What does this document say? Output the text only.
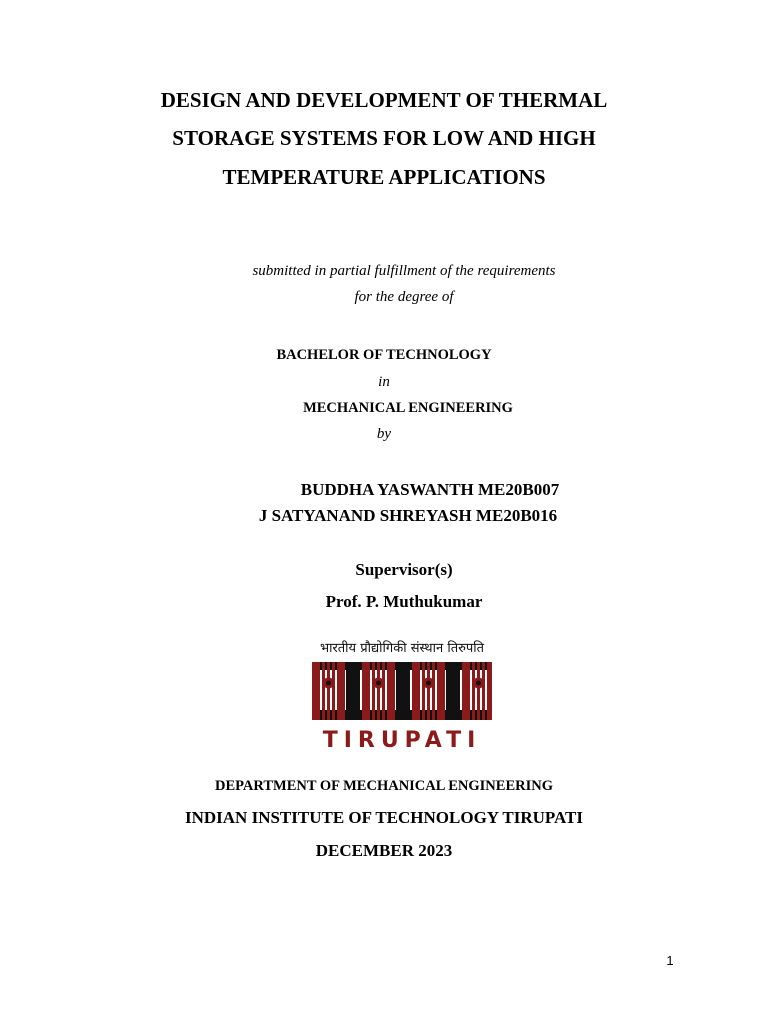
DESIGN AND DEVELOPMENT OF THERMAL
STORAGE SYSTEMS FOR LOW AND HIGH
TEMPERATURE APPLICATIONS
submitted in partial fulfillment of the requirements
for the degree of
BACHELOR OF TECHNOLOGY
in
MECHANICAL ENGINEERING
by
BUDDHA YASWANTH ME20B007
J SATYANAND SHREYASH ME20B016
Supervisor(s)
Prof. P. Muthukumar
भारतीय प्रौद्योगिकी संस्थान तिरुपति
TIRUPATI
DEPARTMENT OF MECHANICAL ENGINEERING
INDIAN INSTITUTE OF TECHNOLOGY TIRUPATI
DECEMBER 2023
1
